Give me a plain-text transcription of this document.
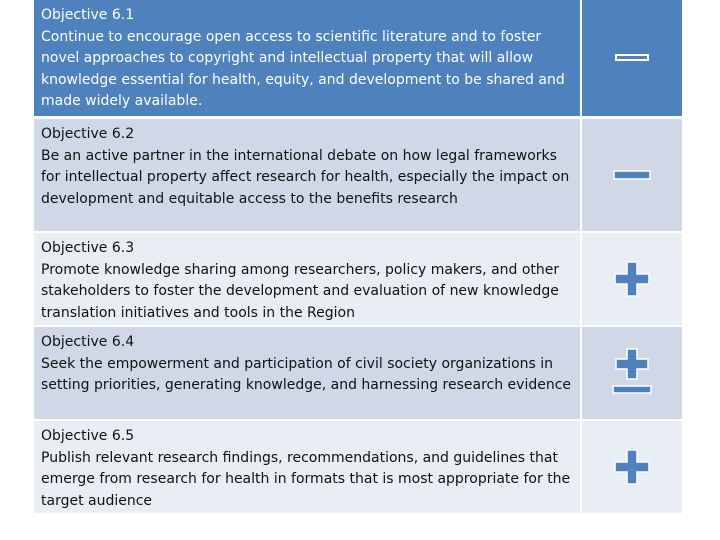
Objective 6.1
Continue to encourage open access to scientific literature and to foster novel approaches to copyright and intellectual property that will allow knowledge essential for health, equity, and development to be shared and made widely available.
Objective 6.2
Be an active partner in the international debate on how legal frameworks for intellectual property affect research for health, especially the impact on development and equitable access to the benefits research
Objective 6.3
Promote knowledge sharing among researchers, policy makers, and other stakeholders to foster the development and evaluation of new knowledge translation initiatives and tools in the Region
Objective 6.4
Seek the empowerment and participation of civil society organizations in setting priorities, generating knowledge, and harnessing research evidence
Objective 6.5
Publish relevant research findings, recommendations, and guidelines that emerge from research for health in formats that is most appropriate for the target audience
